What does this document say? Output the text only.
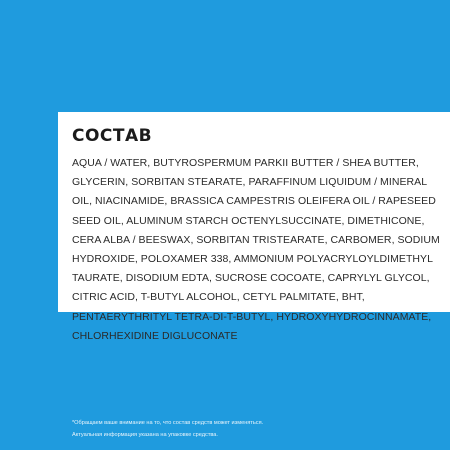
СОСТАВ

AQUA / WATER, BUTYROSPERMUM PARKII BUTTER / SHEA BUTTER, GLYCERIN, SORBITAN STEARATE, PARAFFINUM LIQUIDUM / MINERAL OIL, NIACINAMIDE, BRASSICA CAMPESTRIS OLEIFERA OIL / RAPESEED SEED OIL, ALUMINUM STARCH OCTENYLSUCCINATE, DIMETHICONE, CERA ALBA / BEESWAX, SORBITAN TRISTEARATE, CARBOMER, SODIUM HYDROXIDE, POLOXAMER 338, AMMONIUM POLYACRYLOYLDIMETHYL TAURATE, DISODIUM EDTA, SUCROSE COCOATE, CAPRYLYL GLYCOL, CITRIC ACID, T-BUTYL ALCOHOL, CETYL PALMITATE, BHT, PENTAERYTHRITYL TETRA-DI-T-BUTYL, HYDROXYHYDROCINNAMATE, CHLORHEXIDINE DIGLUCONATE

*Обращаем ваше внимание на то, что состав средств может изменяться.
Актуальная информация указана на упаковке средства.
